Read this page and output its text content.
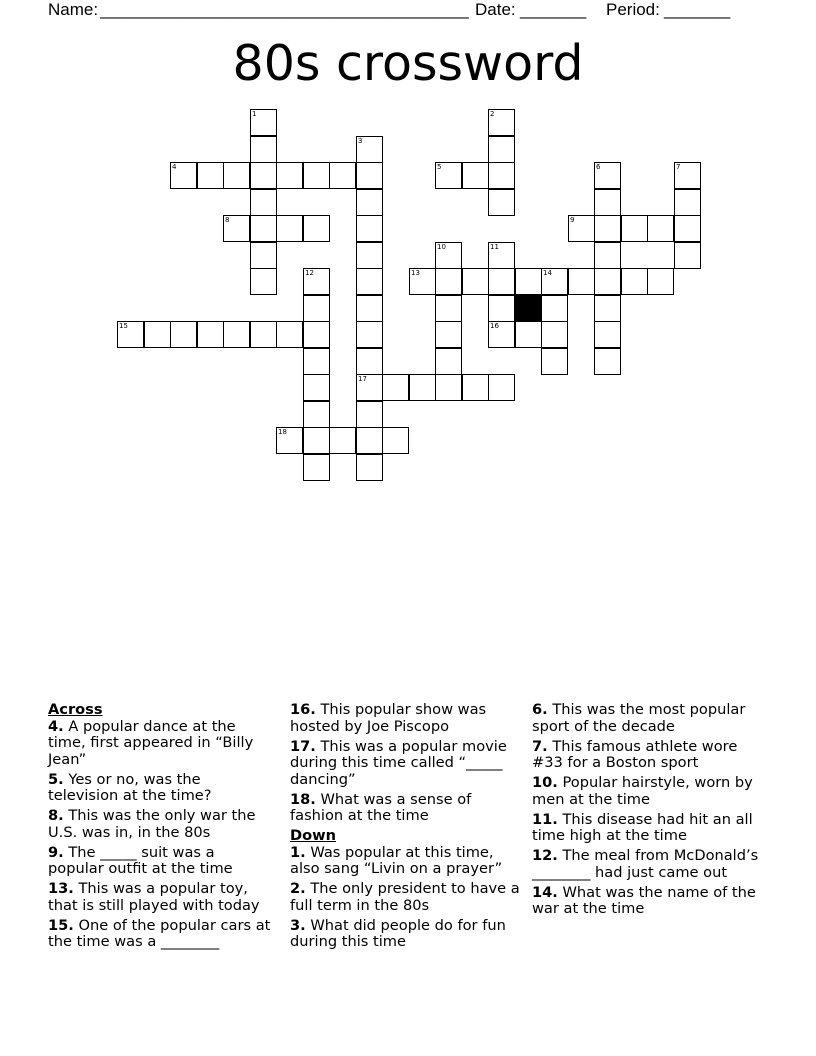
Name: _______________________________________ Date: _______ Period: _______
80s crossword
1	2
3
4	5	6	7
8	9
10	11
12	13	14
15	16
17
18
Across
4. A popular dance at the time, first appeared in “Billy Jean”
5. Yes or no, was the television at the time?
8. This was the only war the U.S. was in, in the 80s
9. The _____ suit was a popular outfit at the time
13. This was a popular toy, that is still played with today
15. One of the popular cars at the time was a ________
16. This popular show was hosted by Joe Piscopo
17. This was a popular movie during this time called “_____ dancing”
18. What was a sense of fashion at the time
Down
1. Was popular at this time, also sang “Livin on a prayer”
2. The only president to have a full term in the 80s
3. What did people do for fun during this time
6. This was the most popular sport of the decade
7. This famous athlete wore #33 for a Boston sport
10. Popular hairstyle, worn by men at the time
11. This disease had hit an all time high at the time
12. The meal from McDonald’s ________ had just came out
14. What was the name of the war at the time
